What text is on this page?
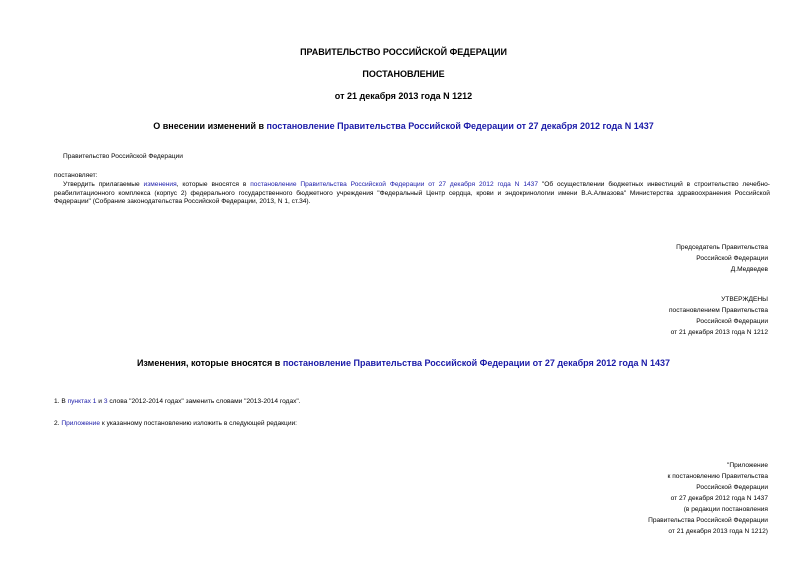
ПРАВИТЕЛЬСТВО РОССИЙСКОЙ ФЕДЕРАЦИИ
ПОСТАНОВЛЕНИЕ
от 21 декабря 2013 года N 1212
О внесении изменений в постановление Правительства Российской Федерации от 27 декабря 2012 года N 1437
Правительство Российской Федерации
постановляет:
Утвердить прилагаемые изменения, которые вносятся в постановление Правительства Российской Федерации от 27 декабря 2012 года N 1437 "Об осуществлении бюджетных инвестиций в строительство лечебно-реабилитационного комплекса (корпус 2) федерального государственного бюджетного учреждения "Федеральный Центр сердца, крови и эндокринологии имени В.А.Алмазова" Министерства здравоохранения Российской Федерации" (Собрание законодательства Российской Федерации, 2013, N 1, ст.34).
Председатель Правительства
Российской Федерации
Д.Медведев
УТВЕРЖДЕНЫ
постановлением Правительства
Российской Федерации
от 21 декабря 2013 года N 1212
Изменения, которые вносятся в постановление Правительства Российской Федерации от 27 декабря 2012 года N 1437
1. В пунктах 1 и 3 слова "2012-2014 годах" заменить словами "2013-2014 годах".
2. Приложение к указанному постановлению изложить в следующей редакции:
"Приложение
к постановлению Правительства
Российской Федерации
от 27 декабря 2012 года N 1437
(в редакции постановления
Правительства Российской Федерации
от 21 декабря 2013 года N 1212)
